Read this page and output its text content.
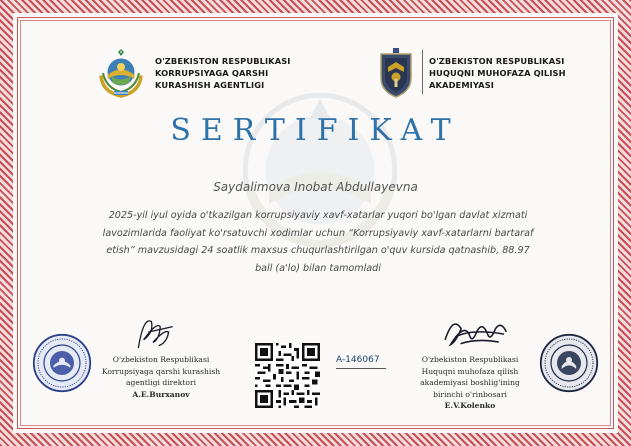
O'ZBEKISTON RESPUBLIKASI
KORRUPSIYAGA QARSHI
KURASHISH AGENTLIGI
O'ZBEKISTON RESPUBLIKASI
HUQUQNI MUHOFAZA QILISH
AKADEMIYASI
SERTIFIKAT
Saydalimova Inobat Abdullayevna
2025-yil iyul oyida o'tkazilgan korrupsiyaviy xavf-xatarlar yuqori bo'lgan davlat xizmati
lavozimlarida faoliyat ko'rsatuvchi xodimlar uchun “Korrupsiyaviy xavf-xatarlarni bartaraf
etish” mavzusidagi 24 soatlik maxsus chuqurlashtirilgan o'quv kursida qatnashib, 88.97
ball (a'lo) bilan tamomladi
O'zbekiston Respublikasi
Korrupsiyaga qarshi kurashish
agentligi direktori
A.E.Burxanov
A-146067	O'zbekiston Respublikasi
Huquqni muhofaza qilish
akademiyasi boshlig'ining
birinchi o'rinbosari
E.V.Kolenko
